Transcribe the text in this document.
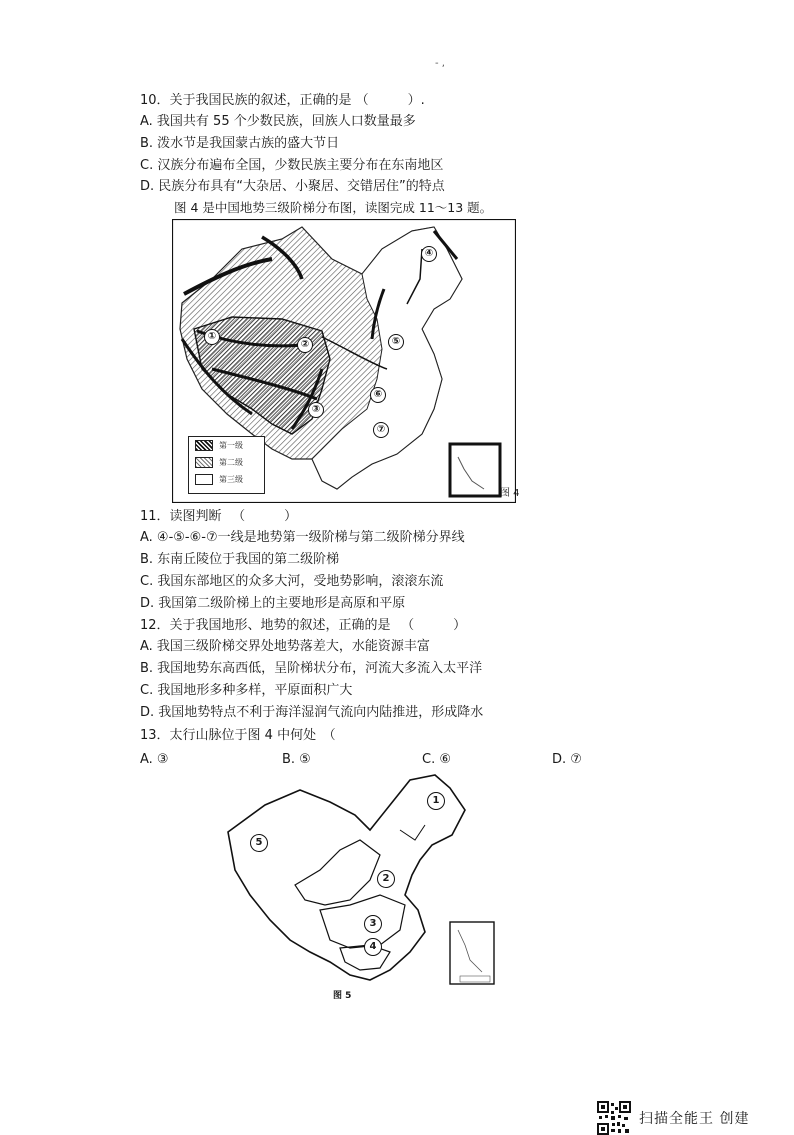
- ,
10．关于我国民族的叙述，正确的是 （　　　）.
A. 我国共有 55 个少数民族，回族人口数量最多
B. 泼水节是我国蒙古族的盛大节日
C. 汉族分布遍布全国，少数民族主要分布在东南地区
D. 民族分布具有“大杂居、小聚居、交错居住”的特点
图 4 是中国地势三级阶梯分布图，读图完成 11～13 题。
①
②
③
④
⑤
⑥
⑦
第一级
第二级
第三级
图 4
11．读图判断 　（　　　）
A. ④-⑤-⑥-⑦一线是地势第一级阶梯与第二级阶梯分界线
B. 东南丘陵位于我国的第二级阶梯
C. 我国东部地区的众多大河，受地势影响，滚滚东流
D. 我国第二级阶梯上的主要地形是高原和平原
12．关于我国地形、地势的叙述，正确的是 　（　　　）
A. 我国三级阶梯交界处地势落差大，水能资源丰富
B. 我国地势东高西低，呈阶梯状分布，河流大多流入太平洋
C. 我国地形多种多样，平原面积广大
D. 我国地势特点不利于海洋湿润气流向内陆推进，形成降水
13．太行山脉位于图 4 中何处　（
A. ③	B. ⑤	C. ⑥	D. ⑦
1
2
3
4
5
图 5
扫描全能王 创建
